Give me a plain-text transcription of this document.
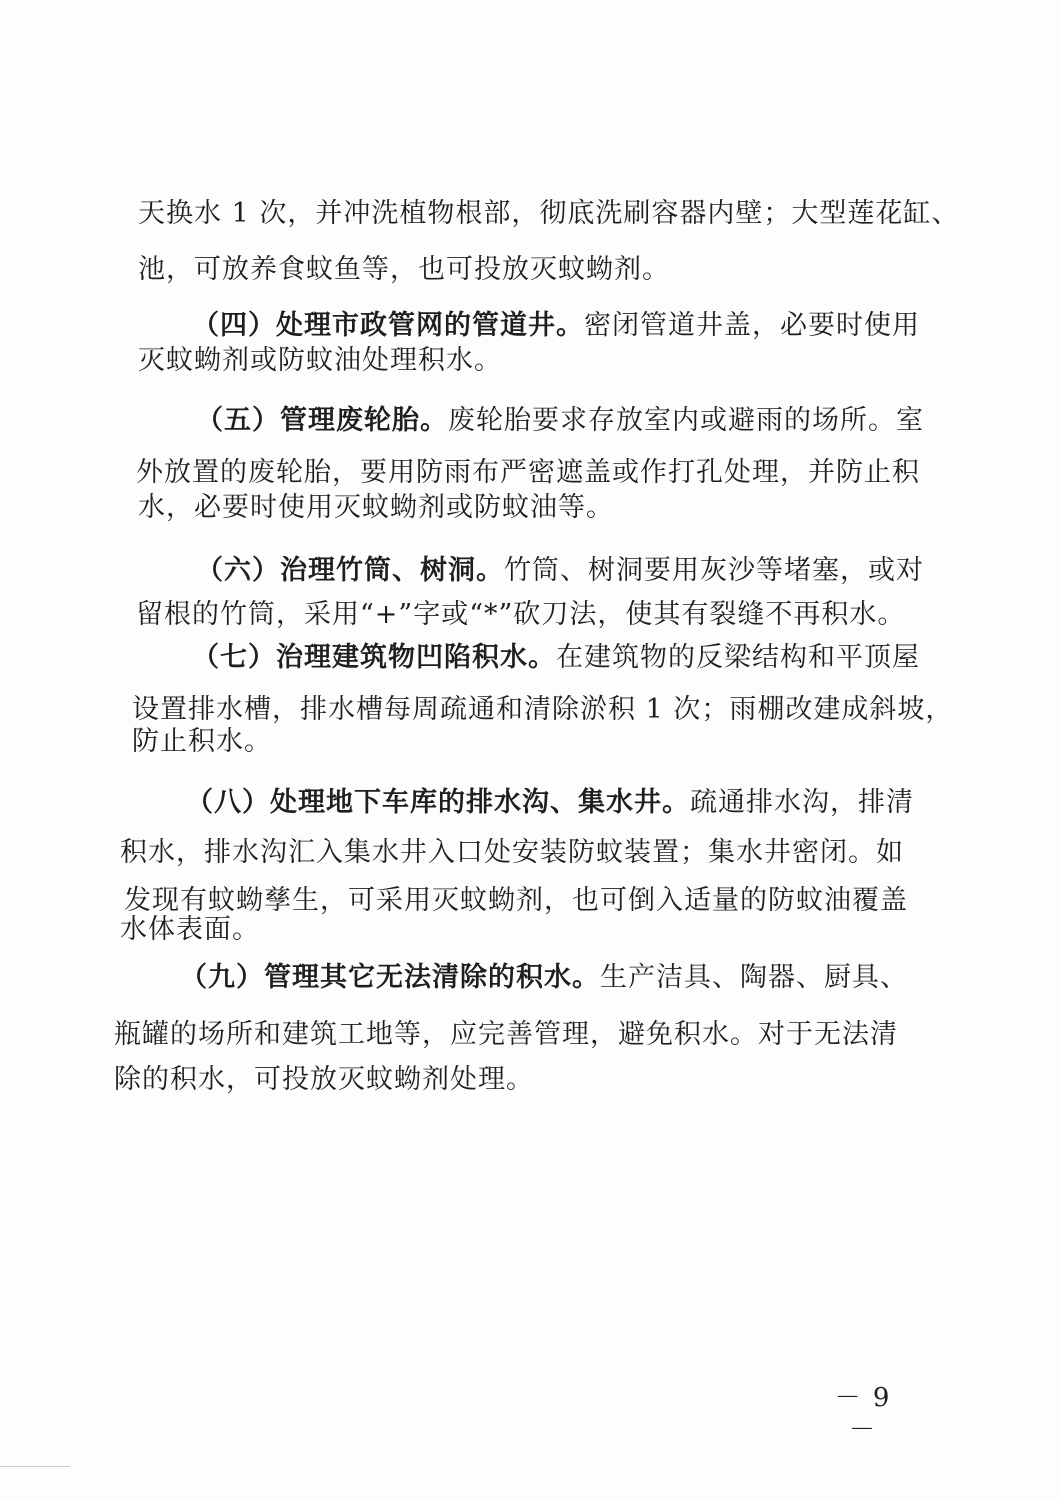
天换水 1 次，并冲洗植物根部，彻底洗刷容器内壁；大型莲花缸、
池，可放养食蚊鱼等，也可投放灭蚊蚴剂。
（四）处理市政管网的管道井。密闭管道井盖，必要时使用
灭蚊蚴剂或防蚊油处理积水。
（五）管理废轮胎。废轮胎要求存放室内或避雨的场所。室
外放置的废轮胎，要用防雨布严密遮盖或作打孔处理，并防止积
水，必要时使用灭蚊蚴剂或防蚊油等。
（六）治理竹筒、树洞。竹筒、树洞要用灰沙等堵塞，或对
留根的竹筒，采用“+”字或“*”砍刀法，使其有裂缝不再积水。
（七）治理建筑物凹陷积水。在建筑物的反梁结构和平顶屋
设置排水槽，排水槽每周疏通和清除淤积 1 次；雨棚改建成斜坡，
防止积水。
（八）处理地下车库的排水沟、集水井。疏通排水沟，排清
积水，排水沟汇入集水井入口处安装防蚊装置；集水井密闭。如
发现有蚊蚴孳生，可采用灭蚊蚴剂，也可倒入适量的防蚊油覆盖
水体表面。
（九）管理其它无法清除的积水。生产洁具、陶器、厨具、
瓶罐的场所和建筑工地等，应完善管理，避免积水。对于无法清
除的积水，可投放灭蚊蚴剂处理。
－ 9 －
